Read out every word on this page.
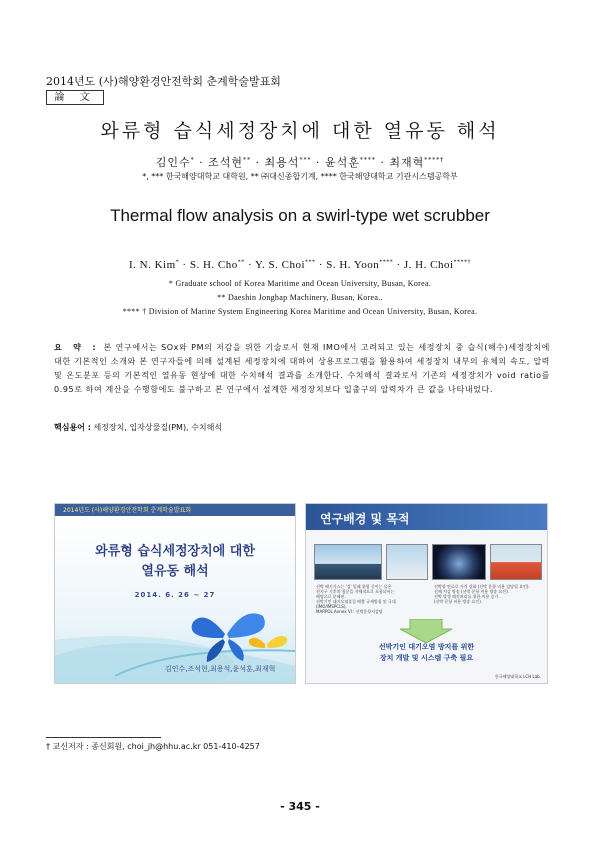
2014년도 (사)해양환경안전학회 춘계학술발표회
論 文
와류형 습식세정장치에 대한 열유동 해석
김인수* · 조석현** · 최용석*** · 윤석훈**** · 최재혁****†
*, *** 한국해양대학교 대학원, ** ㈜대신종합기계, **** 한국해양대학교 기관시스템공학부
Thermal flow analysis on a swirl-type wet scrubber
I. N. Kim* · S. H. Cho** · Y. S. Choi*** · S. H. Yoon**** · J. H. Choi****†
* Graduate school of Korea Maritime and Ocean University, Busan, Korea.
** Daeshin Jonghap Machinery, Busan, Korea..
**** † Division of Marine System Engineering Korea Maritime and Ocean University, Busan, Korea.
요 약 : 본 연구에서는 SOx와 PM의 저감을 위한 기술로서 현재 IMO에서 고려되고 있는 세정장치 중 습식(해수)세정장치에 대한 기본적인 소개와 본 연구자들에 의해 설계된 세정장치에 대하여 상용프로그램을 활용하여 세정장치 내부의 유체의 속도, 압력 및 온도분포 등의 기본적인 열유동 현상에 대한 수치해석 결과를 소개한다. 수치해석 결과로서 기존의 세정장치가 void ratio를 0.95로 하여 계산을 수행함에도 불구하고 본 연구에서 설계한 세정장치보다 입출구의 압력차가 큰 값을 나타내었다.
핵심용어 : 세정장치, 입자상물질(PM), 수치해석
2014년도 (사)해양환경안전학회 춘계학술발표회
와류형 습식세정장치에 대한
열유동 해석
2014. 6. 26 ~ 27
김인수,조석현,최용석,윤석훈,최재혁
연구배경 및 목적
선박 배기가스는 '검' 밀폐 위험 중이는 물은
전지구 기후치 침문을 자체적으로 포함되어는
해양으로 분해된.
선박기인 대기오염물질 배출 규제방침 및 극대
(IMO/IMSPCLS),
MARPOL Annex VI : 선박운항저감탈
선박항 연료로 가격 강화 (선박 운항 비용 감당될 요인).
선체 저감 방송 (선박 운항 비용 방송 요인).
선박 발생 폐격처리를 위한 비용 증가 .
(선박 운항 비용 방송 요인).
선박기인 대기오염 방지를 위한
장치 개발 및 시스템 구축 필요
한국해양대학교 LCH Lab.
† 교신저자 : 종신회원, choi_jh@hhu.ac.kr 051-410-4257
- 345 -
